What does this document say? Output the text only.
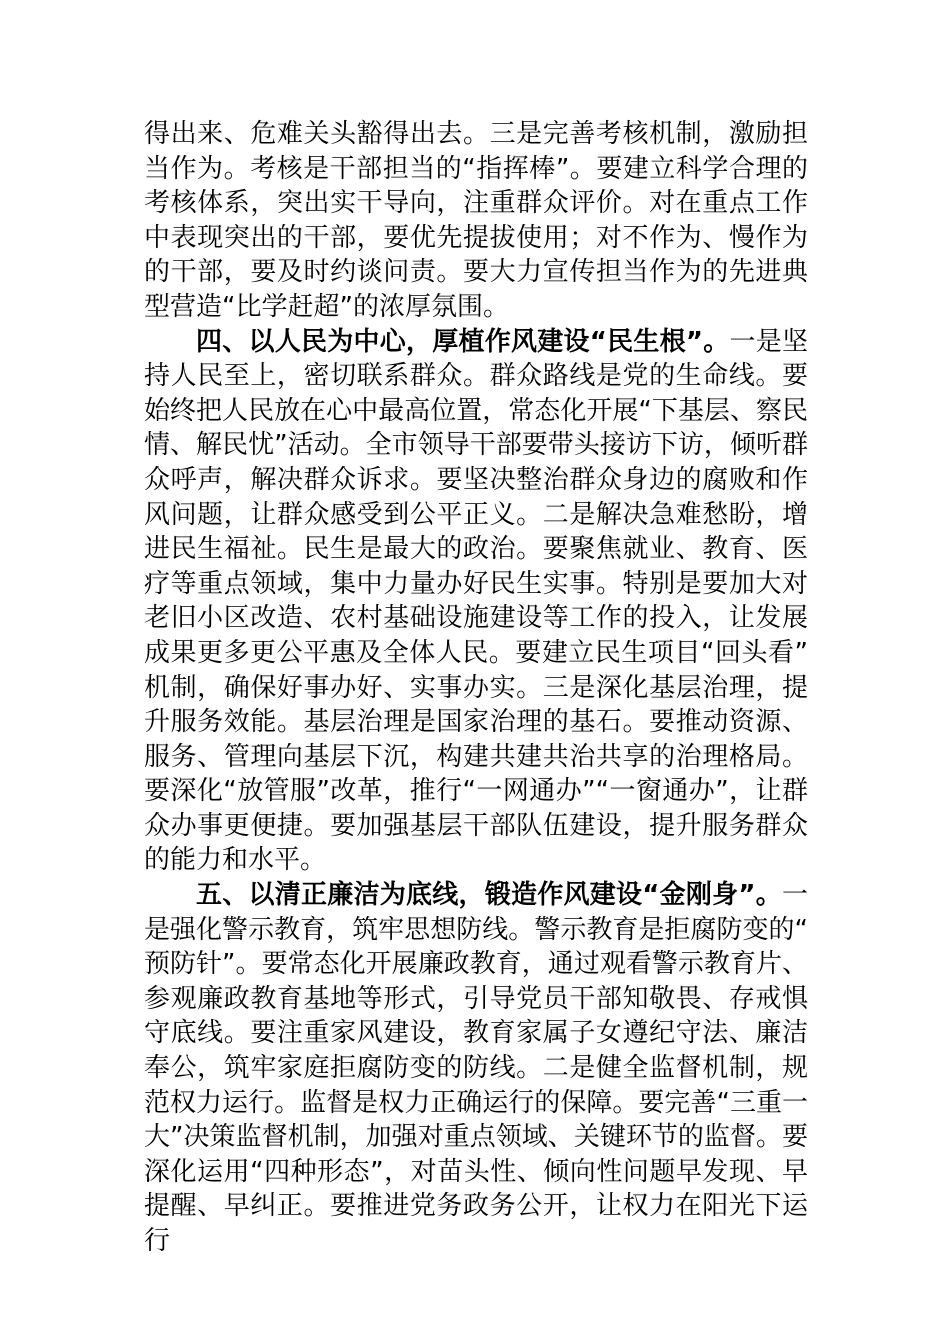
得出来、危难关头豁得出去。三是完善考核机制，激励担当作为。考核是干部担当的“指挥棒”。要建立科学合理的考核体系，突出实干导向，注重群众评价。对在重点工作中表现突出的干部，要优先提拔使用；对不作为、慢作为的干部，要及时约谈问责。要大力宣传担当作为的先进典型营造“比学赶超”的浓厚氛围。

四、以人民为中心，厚植作风建设“民生根”。一是坚持人民至上，密切联系群众。群众路线是党的生命线。要始终把人民放在心中最高位置，常态化开展“下基层、察民情、解民忧”活动。全市领导干部要带头接访下访，倾听群众呼声，解决群众诉求。要坚决整治群众身边的腐败和作风问题，让群众感受到公平正义。二是解决急难愁盼，增进民生福祉。民生是最大的政治。要聚焦就业、教育、医疗等重点领域，集中力量办好民生实事。特别是要加大对老旧小区改造、农村基础设施建设等工作的投入，让发展成果更多更公平惠及全体人民。要建立民生项目“回头看”机制，确保好事办好、实事办实。三是深化基层治理，提升服务效能。基层治理是国家治理的基石。要推动资源、服务、管理向基层下沉，构建共建共治共享的治理格局。要深化“放管服”改革，推行“一网通办”“一窗通办”，让群众办事更便捷。要加强基层干部队伍建设，提升服务群众的能力和水平。

五、以清正廉洁为底线，锻造作风建设“金刚身”。一是强化警示教育，筑牢思想防线。警示教育是拒腐防变的“预防针”。要常态化开展廉政教育，通过观看警示教育片、参观廉政教育基地等形式，引导党员干部知敬畏、存戒惧守底线。要注重家风建设，教育家属子女遵纪守法、廉洁奉公，筑牢家庭拒腐防变的防线。二是健全监督机制，规范权力运行。监督是权力正确运行的保障。要完善“三重一大”决策监督机制，加强对重点领域、关键环节的监督。要深化运用“四种形态”，对苗头性、倾向性问题早发现、早提醒、早纠正。要推进党务政务公开，让权力在阳光下运行
